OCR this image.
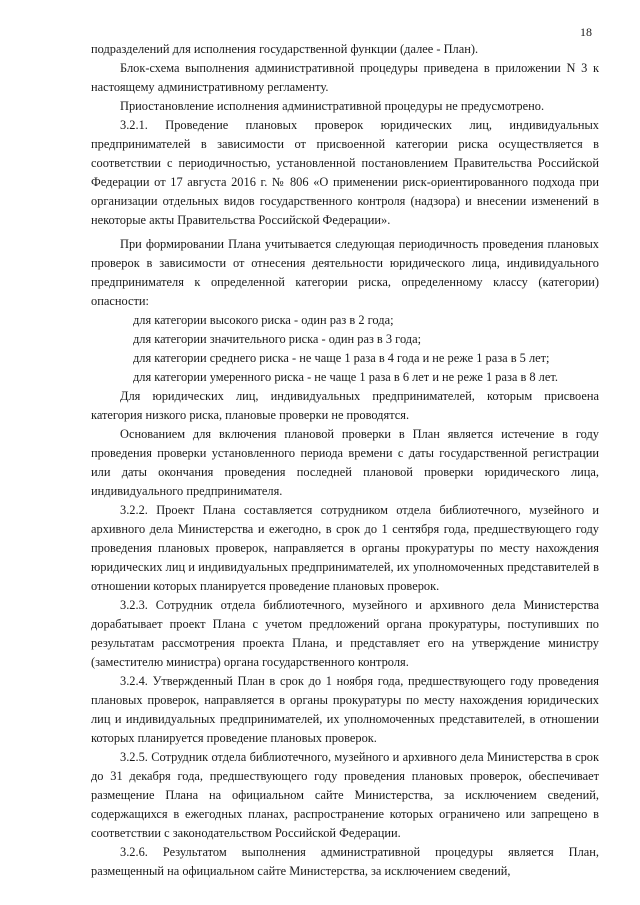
18

подразделений для исполнения государственной функции (далее - План).

Блок-схема выполнения административной процедуры приведена в приложении N 3 к настоящему административному регламенту.

Приостановление исполнения административной процедуры не предусмотрено.

3.2.1. Проведение плановых проверок юридических лиц, индивидуальных предпринимателей в зависимости от присвоенной категории риска осуществляется в соответствии с периодичностью, установленной постановлением Правительства Российской Федерации от 17 августа 2016 г. № 806 «О применении риск-ориентированного подхода при организации отдельных видов государственного контроля (надзора) и внесении изменений в некоторые акты Правительства Российской Федерации».

При формировании Плана учитывается следующая периодичность проведения плановых проверок в зависимости от отнесения деятельности юридического лица, индивидуального предпринимателя к определенной категории риска, определенному классу (категории) опасности:

для категории высокого риска - один раз в 2 года;

для категории значительного риска - один раз в 3 года;

для категории среднего риска - не чаще 1 раза в 4 года и не реже 1 раза в 5 лет;

для категории умеренного риска - не чаще 1 раза в 6 лет и не реже 1 раза в 8 лет.

Для юридических лиц, индивидуальных предпринимателей, которым присвоена категория низкого риска, плановые проверки не проводятся.

Основанием для включения плановой проверки в План является истечение в году проведения проверки установленного периода времени с даты государственной регистрации или даты окончания проведения последней плановой проверки юридического лица, индивидуального предпринимателя.

3.2.2. Проект Плана составляется сотрудником отдела библиотечного, музейного и архивного дела Министерства и ежегодно, в срок до 1 сентября года, предшествующего году проведения плановых проверок, направляется в органы прокуратуры по месту нахождения юридических лиц и индивидуальных предпринимателей, их уполномоченных представителей в отношении которых планируется проведение плановых проверок.

3.2.3. Сотрудник отдела библиотечного, музейного и архивного дела Министерства дорабатывает проект Плана с учетом предложений органа прокуратуры, поступивших по результатам рассмотрения проекта Плана, и представляет его на утверждение министру (заместителю министра) органа государственного контроля.

3.2.4. Утвержденный План в срок до 1 ноября года, предшествующего году проведения плановых проверок, направляется в органы прокуратуры по месту нахождения юридических лиц и индивидуальных предпринимателей, их уполномоченных представителей, в отношении которых планируется проведение плановых проверок.

3.2.5. Сотрудник отдела библиотечного, музейного и архивного дела Министерства в срок до 31 декабря года, предшествующего году проведения плановых проверок, обеспечивает размещение Плана на официальном сайте Министерства, за исключением сведений, содержащихся в ежегодных планах, распространение которых ограничено или запрещено в соответствии с законодательством Российской Федерации.

3.2.6. Результатом выполнения административной процедуры является План, размещенный на официальном сайте Министерства, за исключением сведений,
